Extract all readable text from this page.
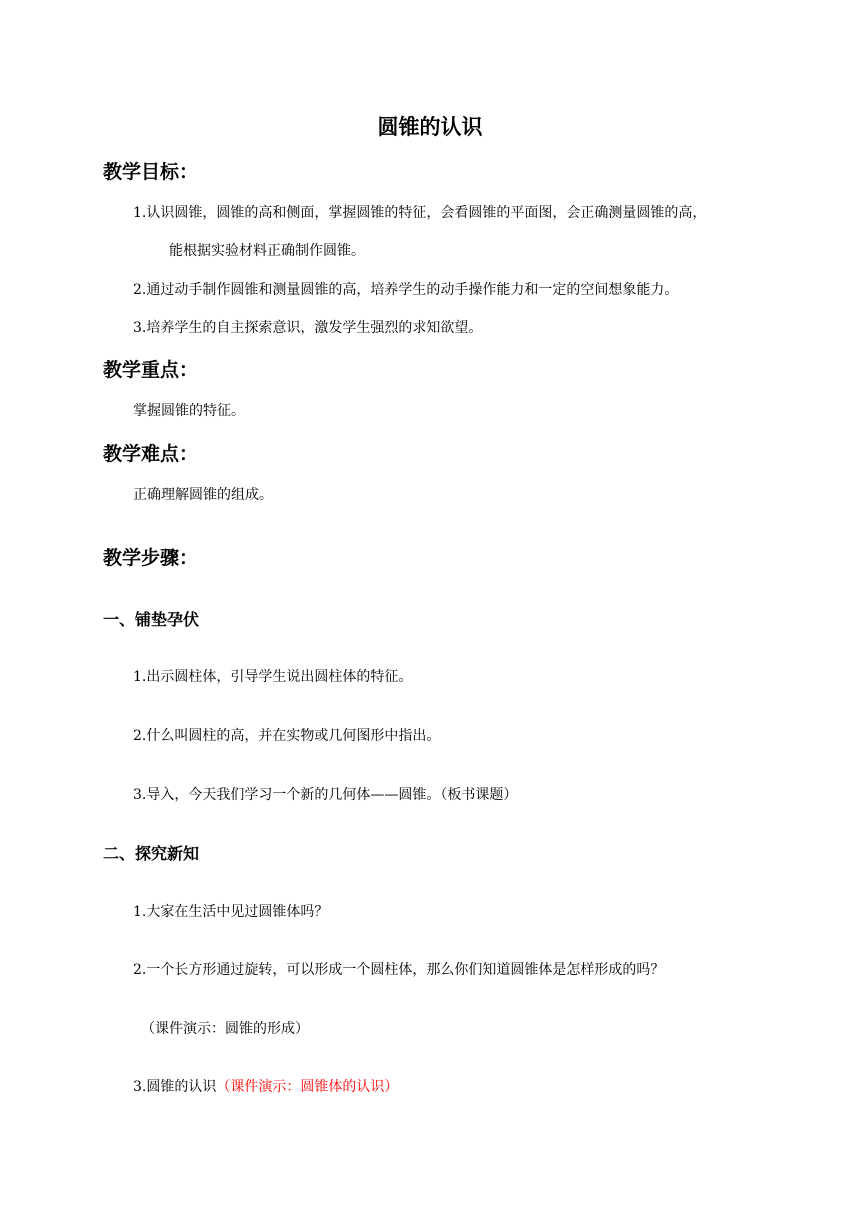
圆锥的认识
教学目标：
1.认识圆锥，圆锥的高和侧面，掌握圆锥的特征，会看圆锥的平面图，会正确测量圆锥的高，
能根据实验材料正确制作圆锥。
2.通过动手制作圆锥和测量圆锥的高，培养学生的动手操作能力和一定的空间想象能力。
3.培养学生的自主探索意识，激发学生强烈的求知欲望。
教学重点：
掌握圆锥的特征。
教学难点：
正确理解圆锥的组成。
教学步骤：
一、铺垫孕伏
1.出示圆柱体，引导学生说出圆柱体的特征。
2.什么叫圆柱的高，并在实物或几何图形中指出。
3.导入，今天我们学习一个新的几何体——圆锥。（板书课题）
二、探究新知
1.大家在生活中见过圆锥体吗？
2.一个长方形通过旋转，可以形成一个圆柱体，那么你们知道圆锥体是怎样形成的吗？
（课件演示：圆锥的形成）
3.圆锥的认识（课件演示：圆锥体的认识）
